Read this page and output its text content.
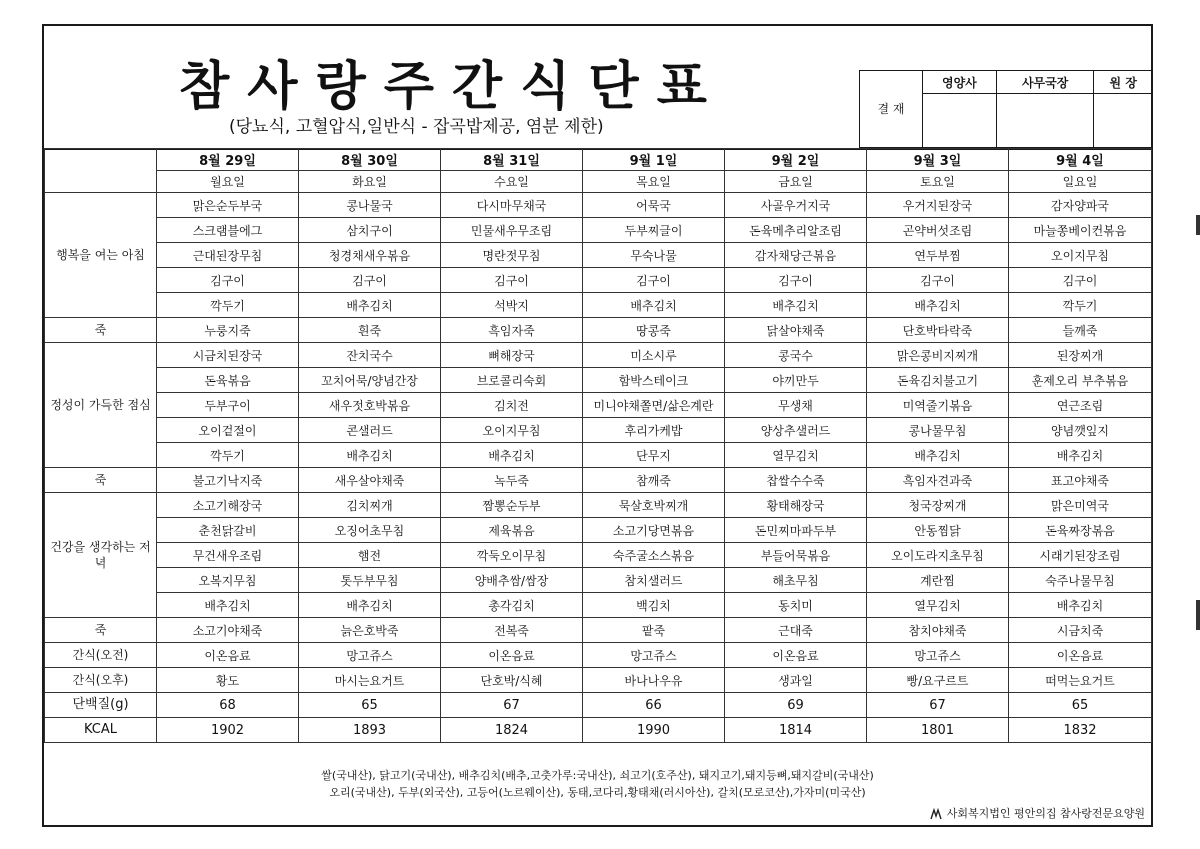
참사랑주간식단표
(당뇨식, 고혈압식,일반식 - 잡곡밥제공, 염분 제한)
결 재	영양사	사무국장	원 장

	8월 29일	8월 30일	8월 31일	9월 1일	9월 2일	9월 3일	9월 4일
	월요일	화요일	수요일	목요일	금요일	토요일	일요일
행복을 여는 아침	맑은순두부국	콩나물국	다시마무채국	어묵국	사골우거지국	우거지된장국	감자양파국
	스크램블에그	삼치구이	민물새우무조림	두부찌글이	돈육메추리알조림	곤약버섯조림	마늘쫑베이컨볶음
	근대된장무침	청경채새우볶음	명란젓무침	무숙나물	감자채당근볶음	연두부찜	오이지무침
	김구이	김구이	김구이	김구이	김구이	김구이	김구이
	깍두기	배추김치	석박지	배추김치	배추김치	배추김치	깍두기
죽	누룽지죽	흰죽	흑임자죽	땅콩죽	닭살야채죽	단호박타락죽	들깨죽
정성이 가득한 점심	시금치된장국	잔치국수	뼈해장국	미소시루	콩국수	맑은콩비지찌개	된장찌개
	돈육볶음	꼬치어묵/양념간장	브로콜리숙회	함박스테이크	야끼만두	돈육김치불고기	훈제오리 부추볶음
	두부구이	새우젓호박볶음	김치전	미니야채쫄면/삶은계란	무생채	미역줄기볶음	연근조림
	오이겉절이	콘샐러드	오이지무침	후리가케밥	양상추샐러드	콩나물무침	양념깻잎지
	깍두기	배추김치	배추김치	단무지	열무김치	배추김치	배추김치
죽	불고기낙지죽	새우살야채죽	녹두죽	참깨죽	찹쌀수수죽	흑임자견과죽	표고야채죽
건강을 생각하는 저녁	소고기해장국	김치찌개	짬뽕순두부	묵살호박찌개	황태해장국	청국장찌개	맑은미역국
	춘천닭갈비	오징어초무침	제육볶음	소고기당면볶음	돈민찌마파두부	안동찜닭	돈육짜장볶음
	무건새우조림	햄전	깍둑오이무침	숙주굴소스볶음	부들어묵볶음	오이도라지초무침	시래기된장조림
	오복지무침	톳두부무침	양배추쌈/쌈장	참치샐러드	해초무침	계란찜	숙주나물무침
	배추김치	배추김치	총각김치	백김치	동치미	열무김치	배추김치
죽	소고기야채죽	늙은호박죽	전복죽	팥죽	근대죽	참치야채죽	시금치죽
간식(오전)	이온음료	망고쥬스	이온음료	망고쥬스	이온음료	망고쥬스	이온음료
간식(오후)	황도	마시는요거트	단호박/식혜	바나나우유	생과일	빵/요구르트	떠먹는요거트
단백질(g)	68	65	67	66	69	67	65
KCAL	1902	1893	1824	1990	1814	1801	1832
쌀(국내산), 닭고기(국내산), 배추김치(배추,고춧가루:국내산), 쇠고기(호주산), 돼지고기,돼지등뼈,돼지갈비(국내산)
오리(국내산), 두부(외국산), 고등어(노르웨이산), 동태,코다리,황태채(러시아산), 갈치(모로코산),가자미(미국산)
사회복지법인 평안의집 참사랑전문요양원
